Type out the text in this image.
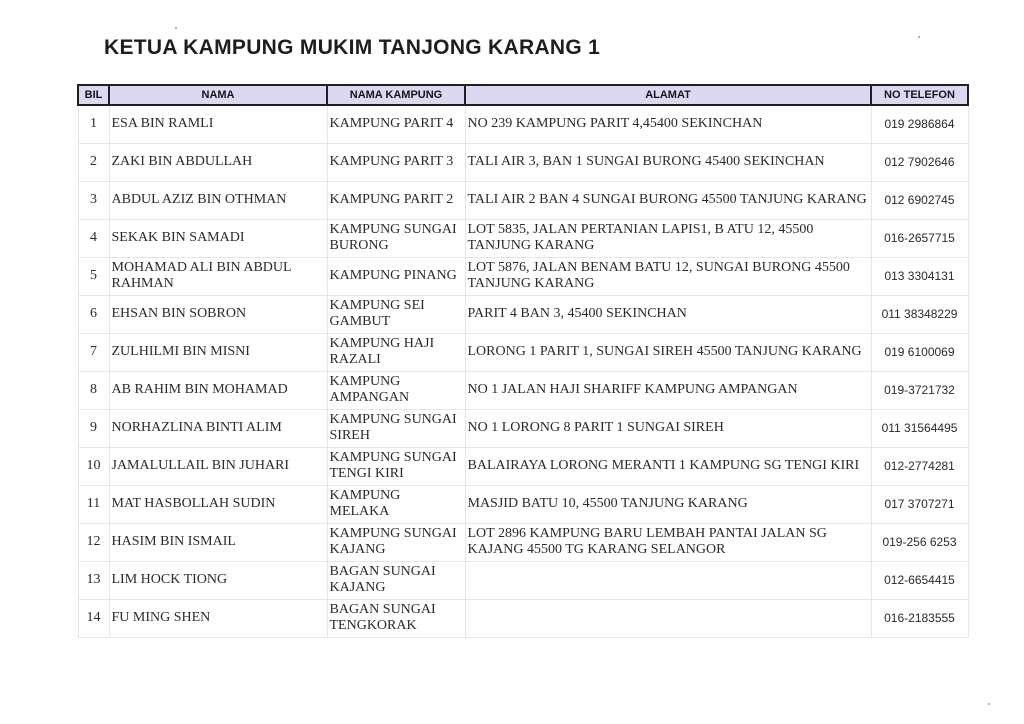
KETUA KAMPUNG MUKIM TANJONG KARANG 1
BIL	NAMA	NAMA KAMPUNG	ALAMAT	NO TELEFON
1	ESA BIN RAMLI	KAMPUNG PARIT 4	NO 239 KAMPUNG PARIT 4,45400 SEKINCHAN	019 2986864
2	ZAKI BIN ABDULLAH	KAMPUNG PARIT 3	TALI AIR 3, BAN 1 SUNGAI BURONG 45400 SEKINCHAN	012 7902646
3	ABDUL AZIZ BIN OTHMAN	KAMPUNG PARIT 2	TALI AIR 2 BAN 4 SUNGAI BURONG 45500 TANJUNG KARANG	012 6902745
4	SEKAK BIN SAMADI	KAMPUNG SUNGAI BURONG	LOT 5835, JALAN PERTANIAN LAPIS1, B ATU 12, 45500 TANJUNG KARANG	016-2657715
5	MOHAMAD ALI BIN ABDUL RAHMAN	KAMPUNG PINANG	LOT 5876, JALAN BENAM BATU 12, SUNGAI BURONG 45500 TANJUNG KARANG	013 3304131
6	EHSAN BIN SOBRON	KAMPUNG SEI GAMBUT	PARIT 4 BAN 3, 45400 SEKINCHAN	011 38348229
7	ZULHILMI BIN MISNI	KAMPUNG HAJI RAZALI	LORONG 1 PARIT 1, SUNGAI SIREH 45500 TANJUNG KARANG	019 6100069
8	AB RAHIM BIN MOHAMAD	KAMPUNG AMPANGAN	NO 1 JALAN HAJI SHARIFF KAMPUNG AMPANGAN	019-3721732
9	NORHAZLINA BINTI ALIM	KAMPUNG SUNGAI SIREH	NO 1 LORONG 8 PARIT 1 SUNGAI SIREH	011 31564495
10	JAMALULLAIL BIN JUHARI	KAMPUNG SUNGAI TENGI KIRI	BALAIRAYA LORONG MERANTI 1 KAMPUNG SG TENGI KIRI	012-2774281
11	MAT HASBOLLAH SUDIN	KAMPUNG MELAKA	MASJID BATU 10, 45500 TANJUNG KARANG	017 3707271
12	HASIM BIN ISMAIL	KAMPUNG SUNGAI KAJANG	LOT 2896 KAMPUNG BARU LEMBAH PANTAI JALAN SG KAJANG 45500 TG KARANG SELANGOR	019-256 6253
13	LIM HOCK TIONG	BAGAN SUNGAI KAJANG		012-6654415
14	FU MING SHEN	BAGAN SUNGAI TENGKORAK		016-2183555
